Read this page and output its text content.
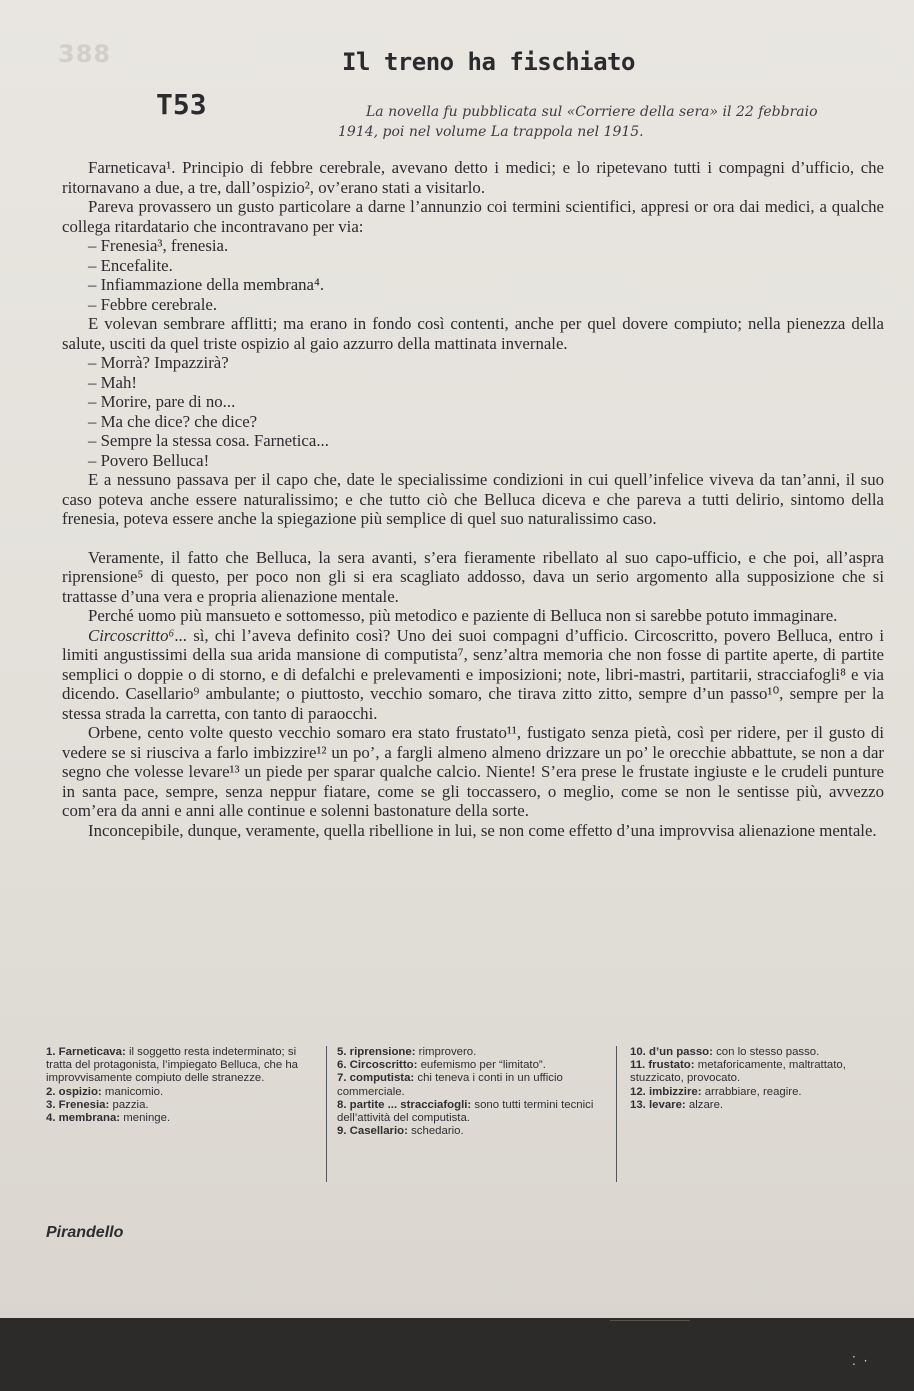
388	Il treno ha fischiato
T53	La novella fu pubblicata sul «Corriere della sera» il 22 febbraio
1914, poi nel volume La trappola nel 1915.

Farneticava¹. Principio di febbre cerebrale, avevano detto i medici; e lo ripetevano tutti i compagni d’ufficio, che ritornavano a due, a tre, dall’ospizio², ov’erano stati a visitarlo.

Pareva provassero un gusto particolare a darne l’annunzio coi termini scientifici, appresi or ora dai medici, a qualche collega ritardatario che incontravano per via:

– Frenesia³, frenesia.

– Encefalite.

– Infiammazione della membrana⁴.

– Febbre cerebrale.

E volevan sembrare afflitti; ma erano in fondo così contenti, anche per quel dovere compiuto; nella pienezza della salute, usciti da quel triste ospizio al gaio azzurro della mattinata invernale.

– Morrà? Impazzirà?

– Mah!

– Morire, pare di no...

– Ma che dice? che dice?

– Sempre la stessa cosa. Farnetica...

– Povero Belluca!

E a nessuno passava per il capo che, date le specialissime condizioni in cui quell’infelice viveva da tan’anni, il suo caso poteva anche essere naturalissimo; e che tutto ciò che Belluca diceva e che pareva a tutti delirio, sintomo della frenesia, poteva essere anche la spiegazione più semplice di quel suo naturalissimo caso.

Veramente, il fatto che Belluca, la sera avanti, s’era fieramente ribellato al suo capo-ufficio, e che poi, all’aspra riprensione⁵ di questo, per poco non gli si era scagliato addosso, dava un serio argomento alla supposizione che si trattasse d’una vera e propria alienazione mentale.

Perché uomo più mansueto e sottomesso, più metodico e paziente di Belluca non si sarebbe potuto immaginare.

Circoscritto⁶... sì, chi l’aveva definito così? Uno dei suoi compagni d’ufficio. Circoscritto, povero Belluca, entro i limiti angustissimi della sua arida mansione di computista⁷, senz’altra memoria che non fosse di partite aperte, di partite semplici o doppie o di storno, e di defalchi e prelevamenti e imposizioni; note, libri-mastri, partitarii, stracciafogli⁸ e via dicendo. Casellario⁹ ambulante; o piuttosto, vecchio somaro, che tirava zitto zitto, sempre d’un passo¹⁰, sempre per la stessa strada la carretta, con tanto di paraocchi.

Orbene, cento volte questo vecchio somaro era stato frustato¹¹, fustigato senza pietà, così per ridere, per il gusto di vedere se si riusciva a farlo imbizzire¹² un po’, a fargli almeno almeno drizzare un po’ le orecchie abbattute, se non a dar segno che volesse levare¹³ un piede per sparar qualche calcio. Niente! S’era prese le frustate ingiuste e le crudeli punture in santa pace, sempre, senza neppur fiatare, come se gli toccassero, o meglio, come se non le sentisse più, avvezzo com’era da anni e anni alle continue e solenni bastonature della sorte.

Inconcepibile, dunque, veramente, quella ribellione in lui, se non come effetto d’una improvvisa alienazione mentale.

1. Farneticava: il soggetto resta indeterminato; si tratta del protagonista, l’impiegato Belluca, che ha improvvisamente compiuto delle stranezze.

2. ospizio: manicomio.

3. Frenesia: pazzia.

4. membrana: meninge.

5. riprensione: rimprovero.

6. Circoscritto: eufemismo per “limitato”.

7. computista: chi teneva i conti in un ufficio commerciale.

8. partite ... stracciafogli: sono tutti termini tecnici dell’attività del computista.

9. Casellario: schedario.

10. d’un passo: con lo stesso passo.

11. frustato: metaforicamente, maltrattato, stuzzicato, provocato.

12. imbizzire: arrabbiare, reagire.

13. levare: alzare.

Pirandello
⁚ ·
